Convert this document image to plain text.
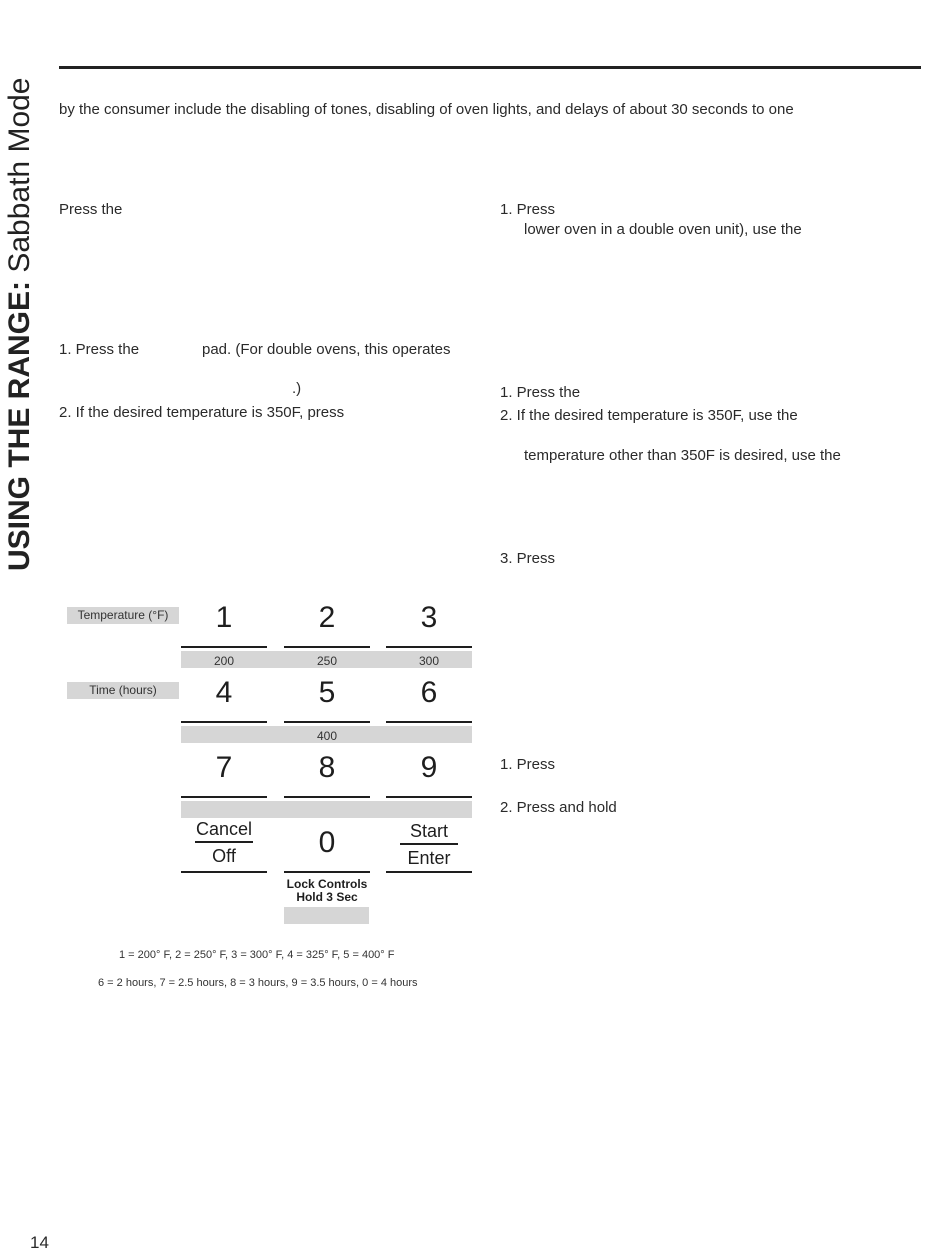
USING THE RANGE: Sabbath Mode by the consumer include the disabling of tones, disabling of oven lights, and delays of about 30 seconds to one
Press the
1. Press the	pad. (For double ovens, this operates
.)
2. If the desired temperature is 350F, press
1. Press
lower oven in a double oven unit), use the
1. Press the
2. If the desired temperature is 350F, use the
temperature other than 350F is desired, use the
3. Press
1. Press
2. Press and hold
Temperature (°F)
Time (hours)
1	2	3
200	250	300
4	5	6
400
7	8	9
Cancel
Off	0	Start
Enter
Lock Controls
Hold 3 Sec
1 = 200° F, 2 = 250° F, 3 = 300° F, 4 = 325° F, 5 = 400° F
6 = 2 hours, 7 = 2.5 hours, 8 = 3 hours, 9 = 3.5 hours, 0 = 4 hours
14
